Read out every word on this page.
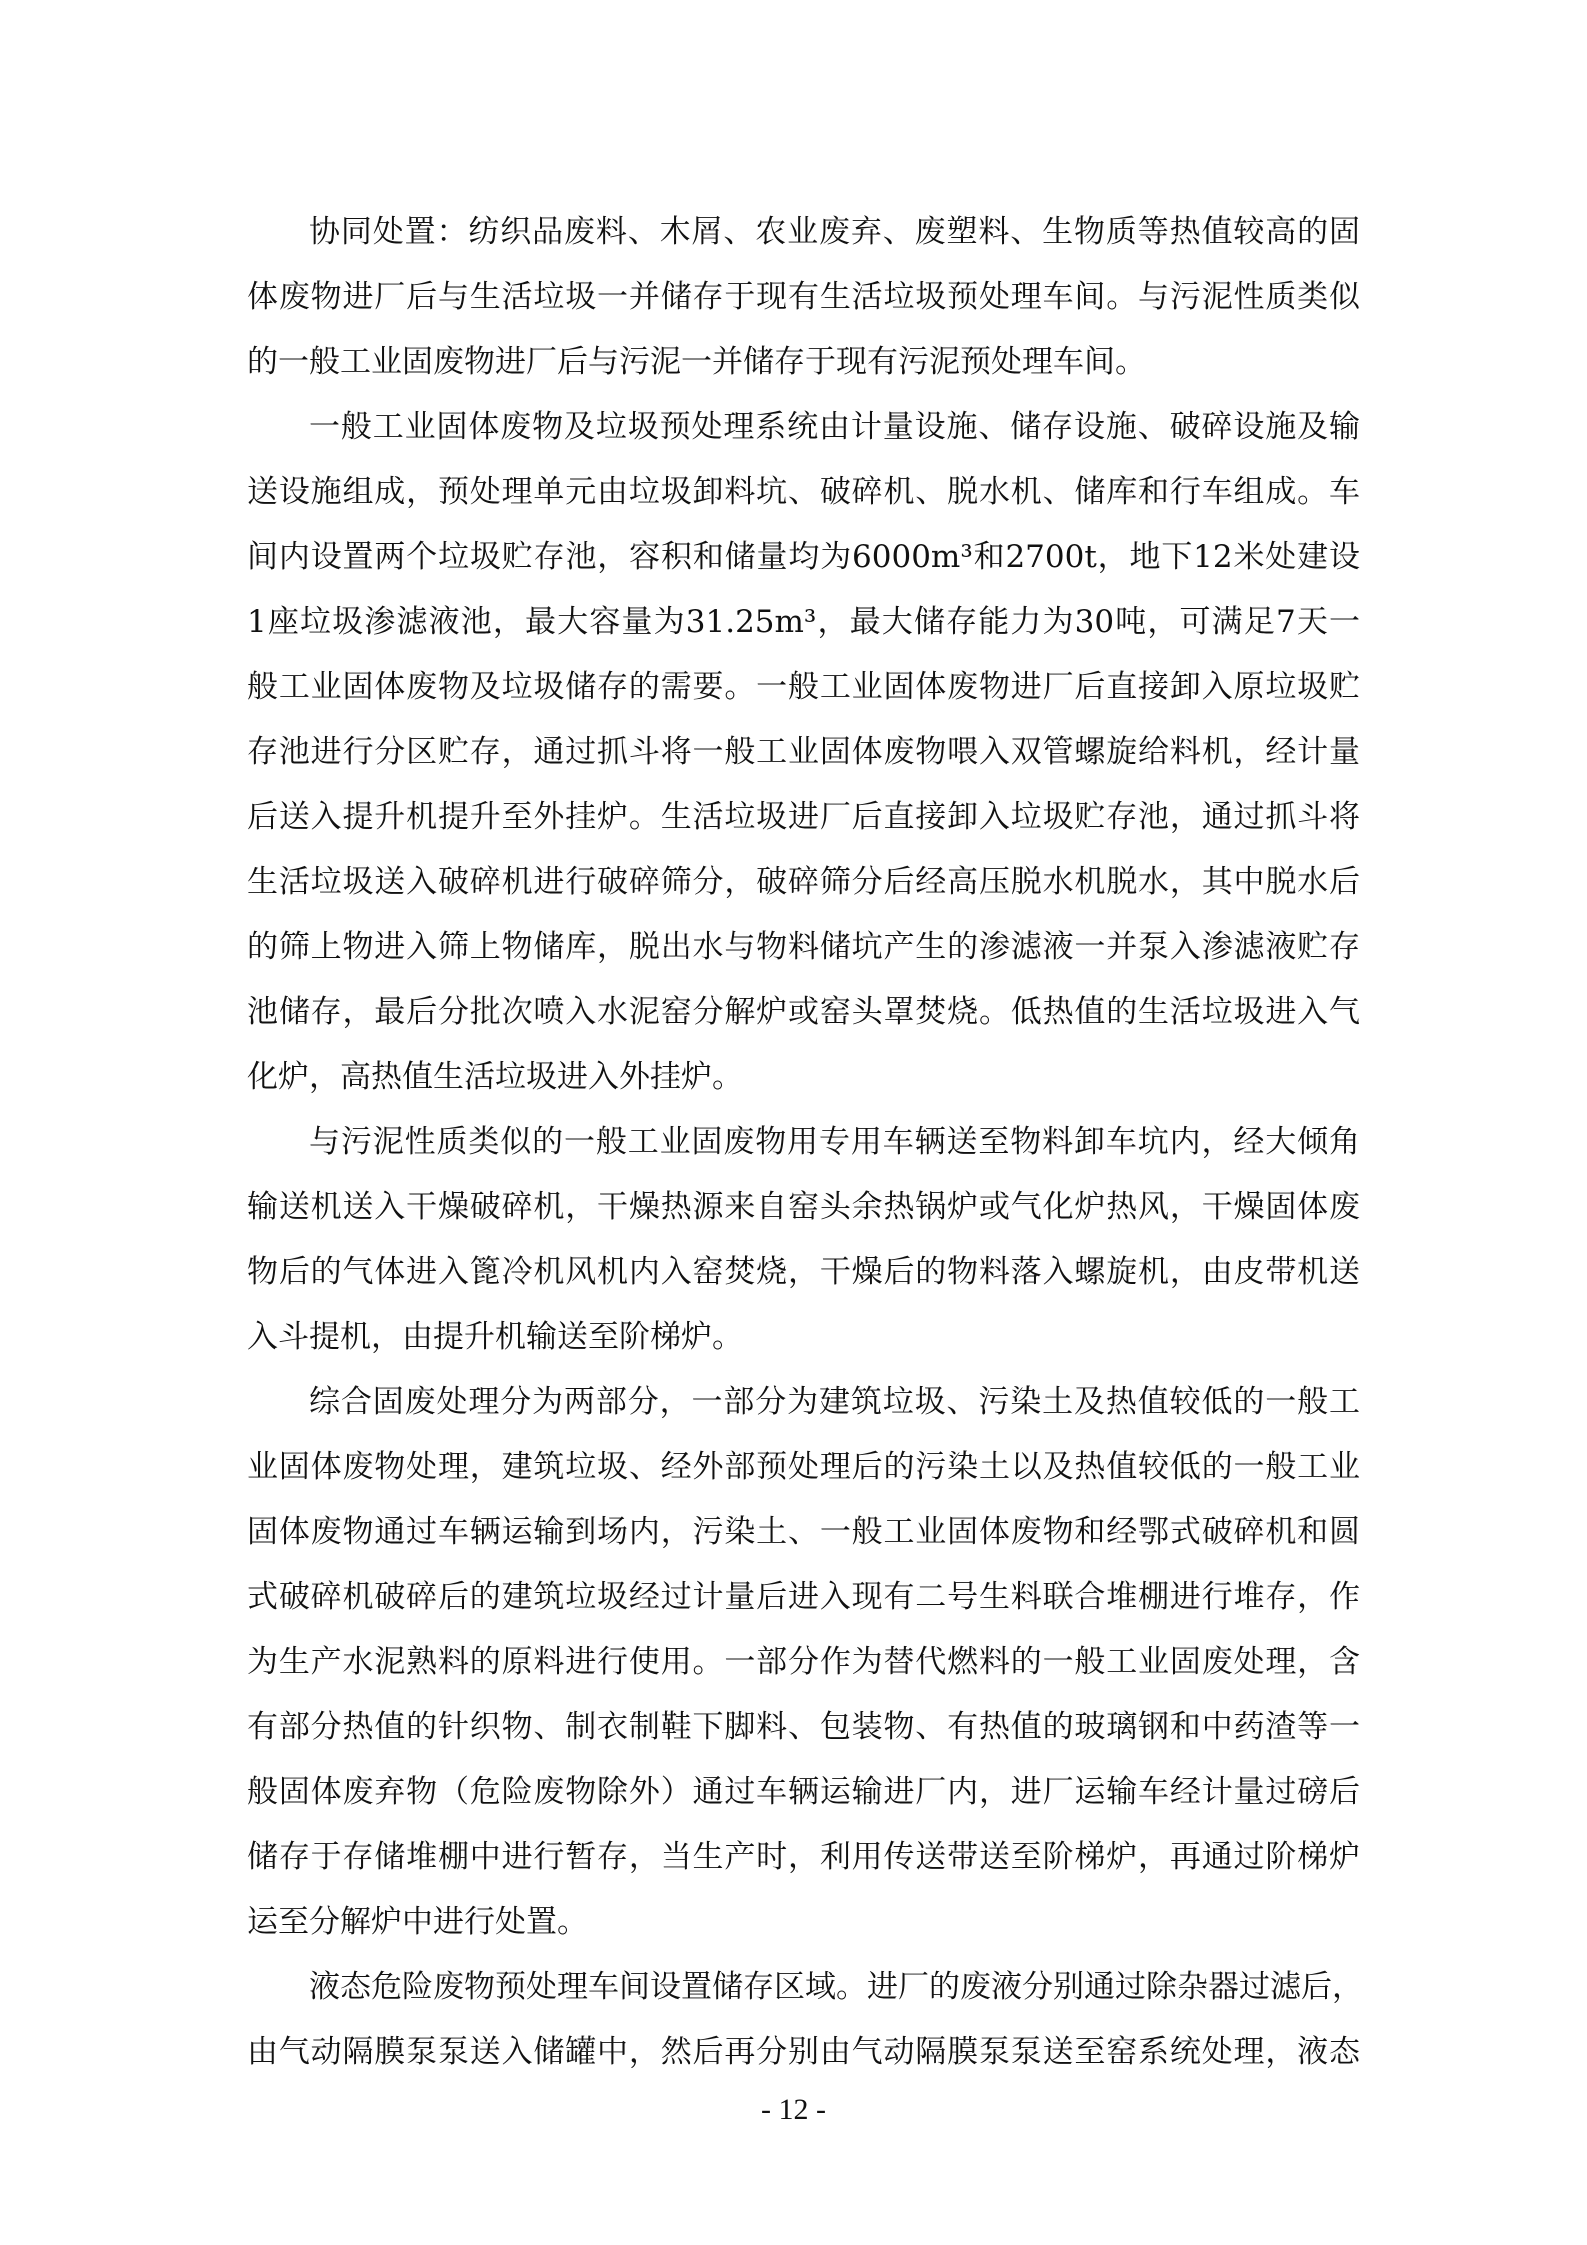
协同处置：纺织品废料、木屑、农业废弃、废塑料、生物质等热值较高的固
体废物进厂后与生活垃圾一并储存于现有生活垃圾预处理车间。与污泥性质类似
的一般工业固废物进厂后与污泥一并储存于现有污泥预处理车间。
一般工业固体废物及垃圾预处理系统由计量设施、储存设施、破碎设施及输
送设施组成，预处理单元由垃圾卸料坑、破碎机、脱水机、储库和行车组成。车
间内设置两个垃圾贮存池，容积和储量均为6000m³和2700t，地下12米处建设
1座垃圾渗滤液池，最大容量为31.25m³，最大储存能力为30吨，可满足7天一
般工业固体废物及垃圾储存的需要。一般工业固体废物进厂后直接卸入原垃圾贮
存池进行分区贮存，通过抓斗将一般工业固体废物喂入双管螺旋给料机，经计量
后送入提升机提升至外挂炉。生活垃圾进厂后直接卸入垃圾贮存池，通过抓斗将
生活垃圾送入破碎机进行破碎筛分，破碎筛分后经高压脱水机脱水，其中脱水后
的筛上物进入筛上物储库，脱出水与物料储坑产生的渗滤液一并泵入渗滤液贮存
池储存，最后分批次喷入水泥窑分解炉或窑头罩焚烧。低热值的生活垃圾进入气
化炉，高热值生活垃圾进入外挂炉。
与污泥性质类似的一般工业固废物用专用车辆送至物料卸车坑内，经大倾角
输送机送入干燥破碎机，干燥热源来自窑头余热锅炉或气化炉热风，干燥固体废
物后的气体进入篦冷机风机内入窑焚烧，干燥后的物料落入螺旋机，由皮带机送
入斗提机，由提升机输送至阶梯炉。
综合固废处理分为两部分，一部分为建筑垃圾、污染土及热值较低的一般工
业固体废物处理，建筑垃圾、经外部预处理后的污染土以及热值较低的一般工业
固体废物通过车辆运输到场内，污染土、一般工业固体废物和经鄂式破碎机和圆
式破碎机破碎后的建筑垃圾经过计量后进入现有二号生料联合堆棚进行堆存，作
为生产水泥熟料的原料进行使用。一部分作为替代燃料的一般工业固废处理，含
有部分热值的针织物、制衣制鞋下脚料、包装物、有热值的玻璃钢和中药渣等一
般固体废弃物（危险废物除外）通过车辆运输进厂内，进厂运输车经计量过磅后
储存于存储堆棚中进行暂存，当生产时，利用传送带送至阶梯炉，再通过阶梯炉
运至分解炉中进行处置。
液态危险废物预处理车间设置储存区域。进厂的废液分别通过除杂器过滤后，
由气动隔膜泵泵送入储罐中，然后再分别由气动隔膜泵泵送至窑系统处理，液态
- 12 -
